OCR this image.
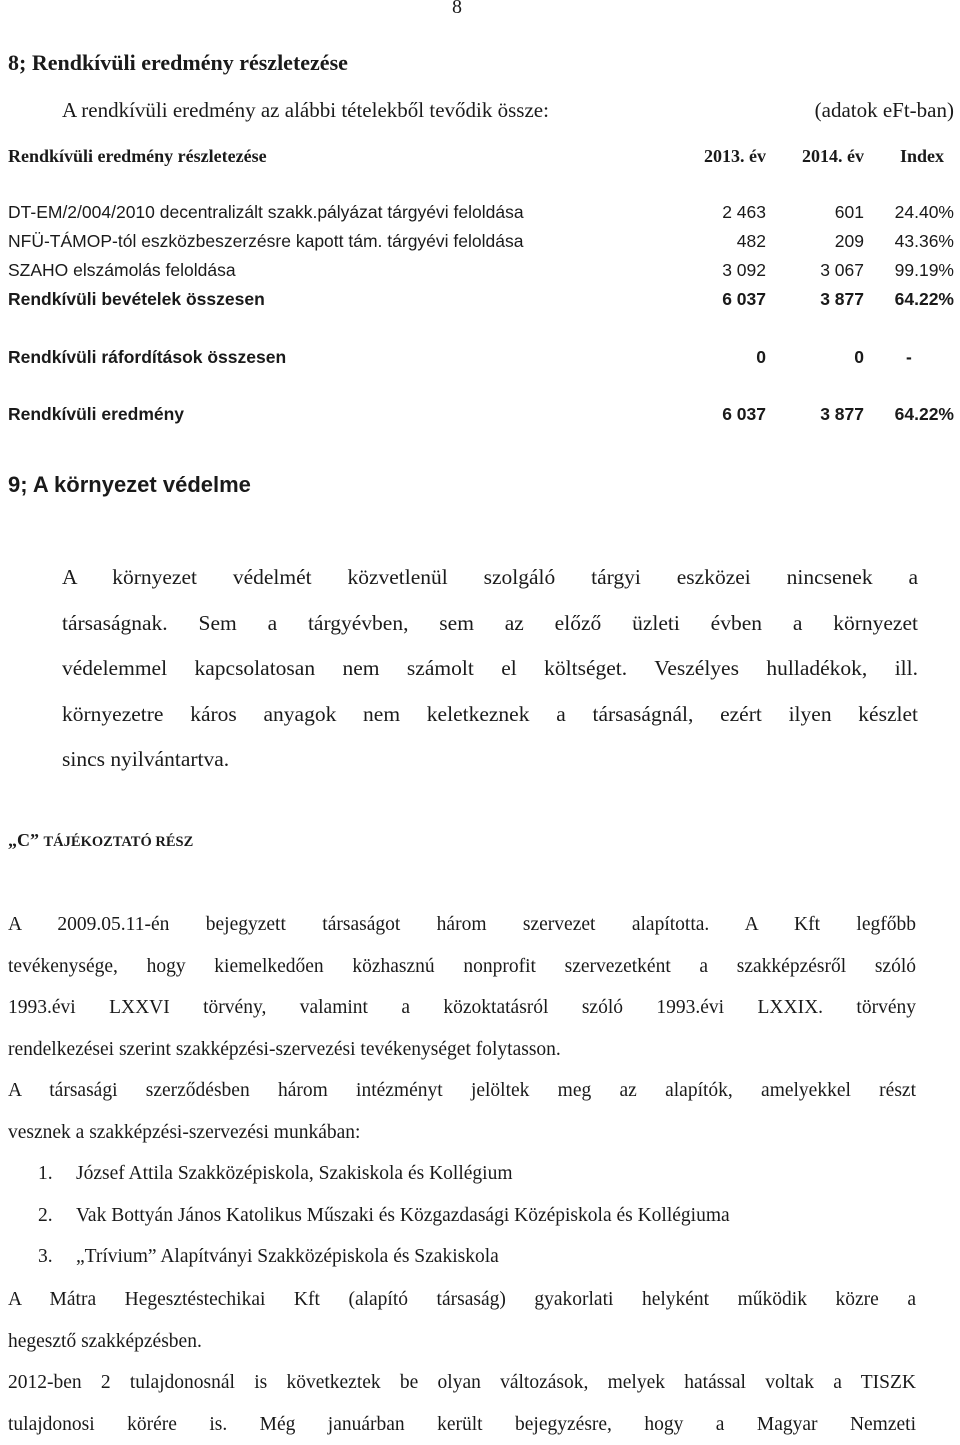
8
8; Rendkívüli eredmény részletezése
A rendkívüli eredmény az alábbi tételekből tevődik össze:	(adatok eFt-ban)
Rendkívüli eredmény részletezése	2013. év 2014. év Index
DT-EM/2/004/2010 decentralizált szakk.pályázat tárgyévi feloldása	2 463	601 24.40%
NFÜ-TÁMOP-tól eszközbeszerzésre kapott tám. tárgyévi feloldása	482	209 43.36%
SZAHO elszámolás feloldása	3 092	3 067 99.19%
Rendkívüli bevételek összesen	6 037	3 877 64.22%
Rendkívüli ráfordítások összesen	0	0 -
Rendkívüli eredmény	6 037	3 877 64.22%
9; A környezet védelme
A környezet védelmét közvetlenül szolgáló tárgyi eszközei nincsenek a
társaságnak. Sem a tárgyévben, sem az előző üzleti évben a környezet
védelemmel kapcsolatosan nem számolt el költséget. Veszélyes hulladékok, ill.
környezetre káros anyagok nem keletkeznek a társaságnál, ezért ilyen készlet
sincs nyilvántartva.
„C” TÁJÉKOZTATÓ RÉSZ
A 2009.05.11-én bejegyzett társaságot három szervezet alapította. A Kft legfőbb
tevékenysége, hogy kiemelkedően közhasznú nonprofit szervezetként a szakképzésről szóló
1993.évi LXXVI törvény, valamint a közoktatásról szóló 1993.évi LXXIX. törvény
rendelkezései szerint szakképzési-szervezési tevékenységet folytasson.
A társasági szerződésben három intézményt jelöltek meg az alapítók, amelyekkel részt
vesznek a szakképzési-szervezési munkában:
1. József Attila Szakközépiskola, Szakiskola és Kollégium
2. Vak Bottyán János Katolikus Műszaki és Közgazdasági Középiskola és Kollégiuma
3. „Trívium” Alapítványi Szakközépiskola és Szakiskola
A Mátra Hegesztéstechikai Kft (alapító társaság) gyakorlati helyként működik közre a
hegesztő szakképzésben.
2012-ben 2 tulajdonosnál is következtek be olyan változások, melyek hatással voltak a TISZK
tulajdonosi körére is. Még januárban került bejegyzésre, hogy a Magyar Nemzeti
